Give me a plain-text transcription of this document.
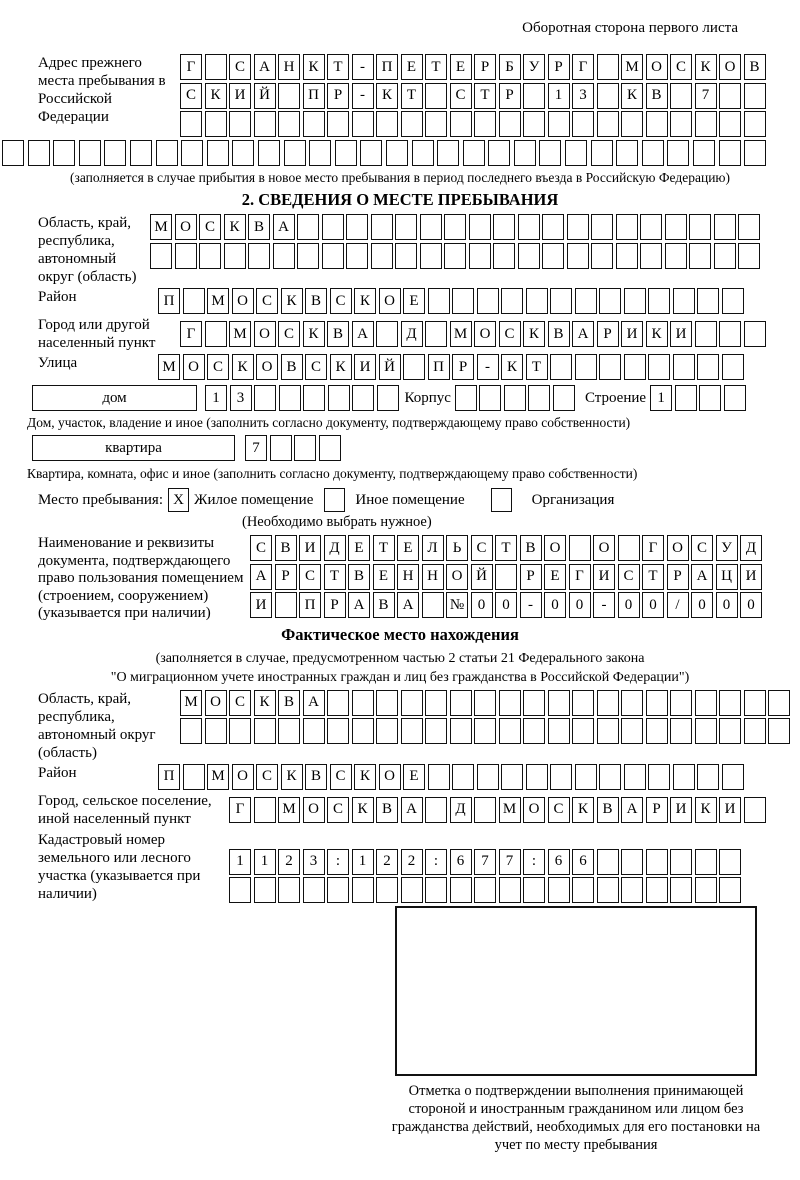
Оборотная сторона первого листа
Адрес прежнего места пребывания в Российской Федерации
Г	С А Н К Т	-	П Е	Т	Е	Р	Б У	Р	Г	М О С К О В
С К И Й	П Р	-	К Т	С Т	Р	1	3	К В	7
(заполняется в случае прибытия в новое место пребывания в период последнего въезда в Российскую Федерацию)
2. СВЕДЕНИЯ О МЕСТЕ ПРЕБЫВАНИЯ
Область, край, республика, автономный округ (область)
М О С К В А
Район	П	М О С К В С К О Е
Город или другой населенный пункт
Г	М О С К В А	Д	М О С К В А Р И К И
Улица	М О С К О В С К И Й	П Р	-	К Т
дом	1	3	Корпус	Строение 1
Дом, участок, владение и иное (заполнить согласно документу, подтверждающему право собственности)
квартира	7
Квартира, комната, офис и иное (заполнить согласно документу, подтверждающему право собственности)
Место пребывания: X Жилое помещение	Иное помещение	Организация
(Необходимо выбрать нужное)
Наименование и реквизиты документа, подтверждающего право пользования помещением (строением, сооружением) (указывается при наличии)
С В И Д Е	Т	Е Л	Ь	С Т В О	О	Г О С У Д
А Р	С Т В Е Н Н О Й	Р	Е	Г И С Т	Р А Ц И
И	П Р А В А	№ 0	0	-	0	0	-	0	0	/	0	0	0
Фактическое место нахождения
(заполняется в случае, предусмотренном частью 2 статьи 21 Федерального закона
"О миграционном учете иностранных граждан и лиц без гражданства в Российской Федерации")
Область, край, республика, автономный округ (область)
М О С К В А
Район	П	М О С К В С К О Е
Город, сельское поселение, иной населенный пункт
Г	М О С К В А	Д	М О С К В А Р И К И
Кадастровый номер земельного или лесного участка (указывается при наличии)
1	1	2	3	:	1	2	2	:	6	7	7	:	6	6
Отметка о подтверждении выполнения принимающей стороной и иностранным гражданином или лицом без гражданства действий, необходимых для его постановки на учет по месту пребывания
